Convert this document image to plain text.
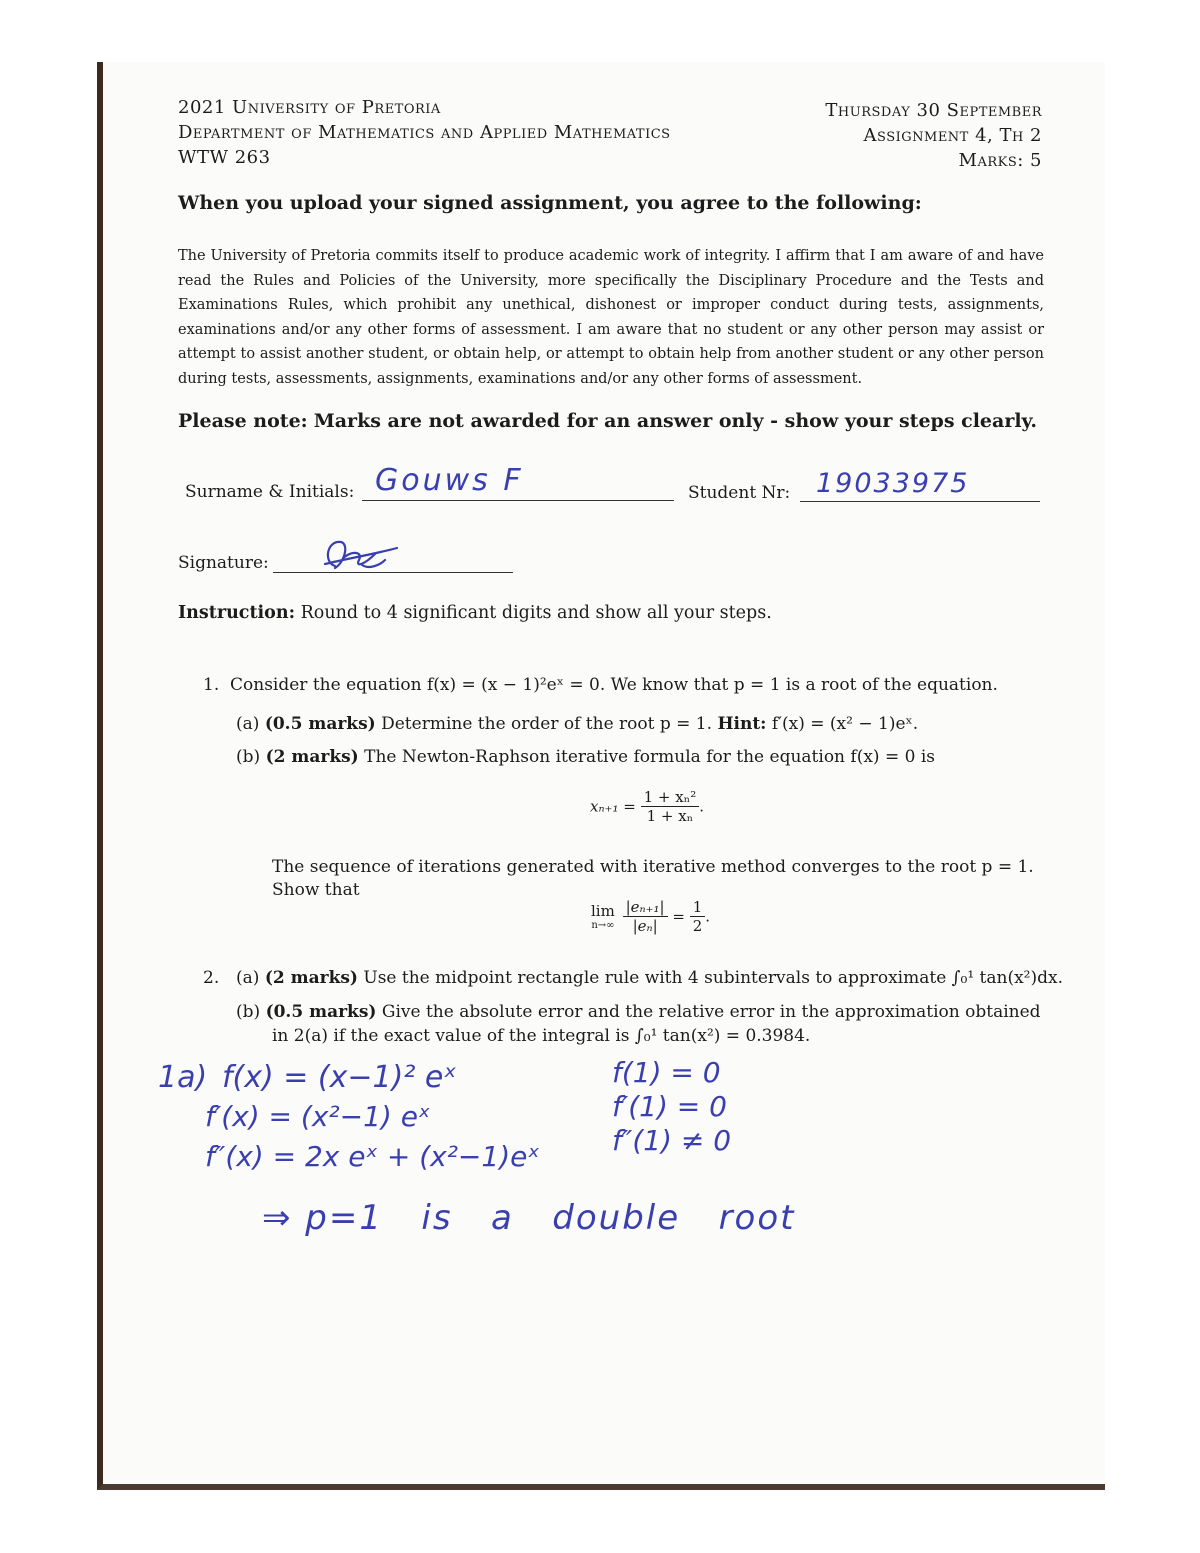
2021 University of Pretoria
Department of Mathematics and Applied Mathematics
WTW 263
Thursday 30 September
Assignment 4, Th 2
Marks: 5
When you upload your signed assignment, you agree to the following:
The University of Pretoria commits itself to produce academic work of integrity. I affirm that I am aware of and have read the Rules and Policies of the University, more specifically the Disciplinary Procedure and the Tests and Examinations Rules, which prohibit any unethical, dishonest or improper conduct during tests, assignments, examinations and/or any other forms of assessment. I am aware that no student or any other person may assist or attempt to assist another student, or obtain help, or attempt to obtain help from another student or any other person during tests, assessments, assignments, examinations and/or any other forms of assessment.
Please note: Marks are not awarded for an answer only - show your steps clearly.
Surname & Initials: Gouws F	Student Nr: 19033975
Signature:
Instruction: Round to 4 significant digits and show all your steps.
1. Consider the equation f(x) = (x − 1)²eˣ = 0. We know that p = 1 is a root of the equation.
(a) (0.5 marks) Determine the order of the root p = 1. Hint: f′(x) = (x² − 1)eˣ.
(b) (2 marks) The Newton-Raphson iterative formula for the equation f(x) = 0 is
$x_{n+1} = \frac{\text{1 + xₙ²}}{\text{1 + xₙ}}$ .
The sequence of iterations generated with iterative method converges to the root p = 1.
Show that
lim
n→∞
$\frac{\text{|eₙ₊₁|}}{\text{|eₙ|}} = \frac{1}{2}$ .
2. (a) (2 marks) Use the midpoint rectangle rule with 4 subintervals to approximate ∫₀¹ tan(x²)dx.
(b) (0.5 marks) Give the absolute error and the relative error in the approximation obtained
in 2(a) if the exact value of the integral is ∫₀¹ tan(x²) = 0.3984.
1a) f(x) = (x−1)² eˣ
f′(x) = (x²−1) eˣ
f″(x) = 2x eˣ + (x²−1)eˣ
f(1) = 0
f′(1) = 0
f″(1) ≠ 0
⇒ p=1   is   a   double   root
